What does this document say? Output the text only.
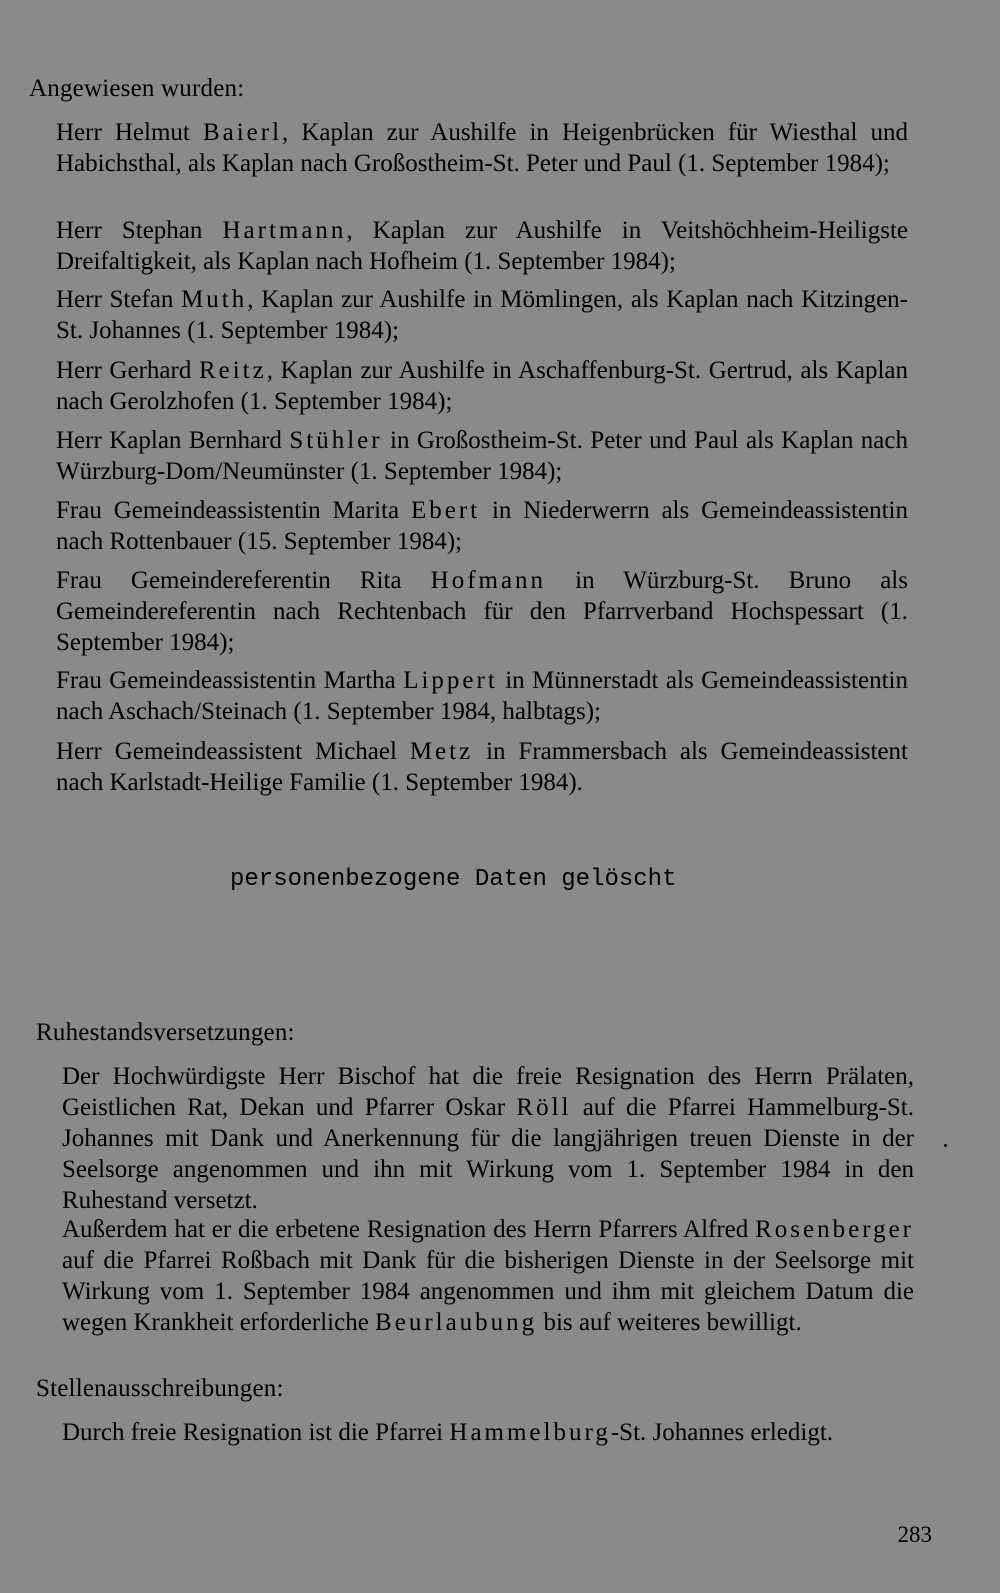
Angewiesen wurden:
Herr Helmut Baierl, Kaplan zur Aushilfe in Heigenbrücken für Wiesthal und Habichsthal, als Kaplan nach Großostheim-St. Peter und Paul (1. September 1984);
Herr Stephan Hartmann, Kaplan zur Aushilfe in Veitshöchheim-Heiligste Dreifaltigkeit, als Kaplan nach Hofheim (1. September 1984);
Herr Stefan Muth, Kaplan zur Aushilfe in Mömlingen, als Kaplan nach Kitzingen-St. Johannes (1. September 1984);
Herr Gerhard Reitz, Kaplan zur Aushilfe in Aschaffenburg-St. Gertrud, als Kaplan nach Gerolzhofen (1. September 1984);
Herr Kaplan Bernhard Stühler in Großostheim-St. Peter und Paul als Kaplan nach Würzburg-Dom/Neumünster (1. September 1984);
Frau Gemeindeassistentin Marita Ebert in Niederwerrn als Gemeindeassistentin nach Rottenbauer (15. September 1984);
Frau Gemeindereferentin Rita Hofmann in Würzburg-St. Bruno als Gemeindereferentin nach Rechtenbach für den Pfarrverband Hochspessart (1. September 1984);
Frau Gemeindeassistentin Martha Lippert in Münnerstadt als Gemeindeassistentin nach Aschach/Steinach (1. September 1984, halbtags);
Herr Gemeindeassistent Michael Metz in Frammersbach als Gemeindeassistent nach Karlstadt-Heilige Familie (1. September 1984).
personenbezogene Daten gelöscht
Ruhestandsversetzungen:
Der Hochwürdigste Herr Bischof hat die freie Resignation des Herrn Prälaten, Geistlichen Rat, Dekan und Pfarrer Oskar Röll auf die Pfarrei Hammelburg-St. Johannes mit Dank und Anerkennung für die langjährigen treuen Dienste in der Seelsorge angenommen und ihn mit Wirkung vom 1. September 1984 in den Ruhestand versetzt.
Außerdem hat er die erbetene Resignation des Herrn Pfarrers Alfred Rosenberger auf die Pfarrei Roßbach mit Dank für die bisherigen Dienste in der Seelsorge mit Wirkung vom 1. September 1984 angenommen und ihm mit gleichem Datum die wegen Krankheit erforderliche Beurlaubung bis auf weiteres bewilligt.
Stellenausschreibungen:
Durch freie Resignation ist die Pfarrei Hammelburg-St. Johannes erledigt.
283
